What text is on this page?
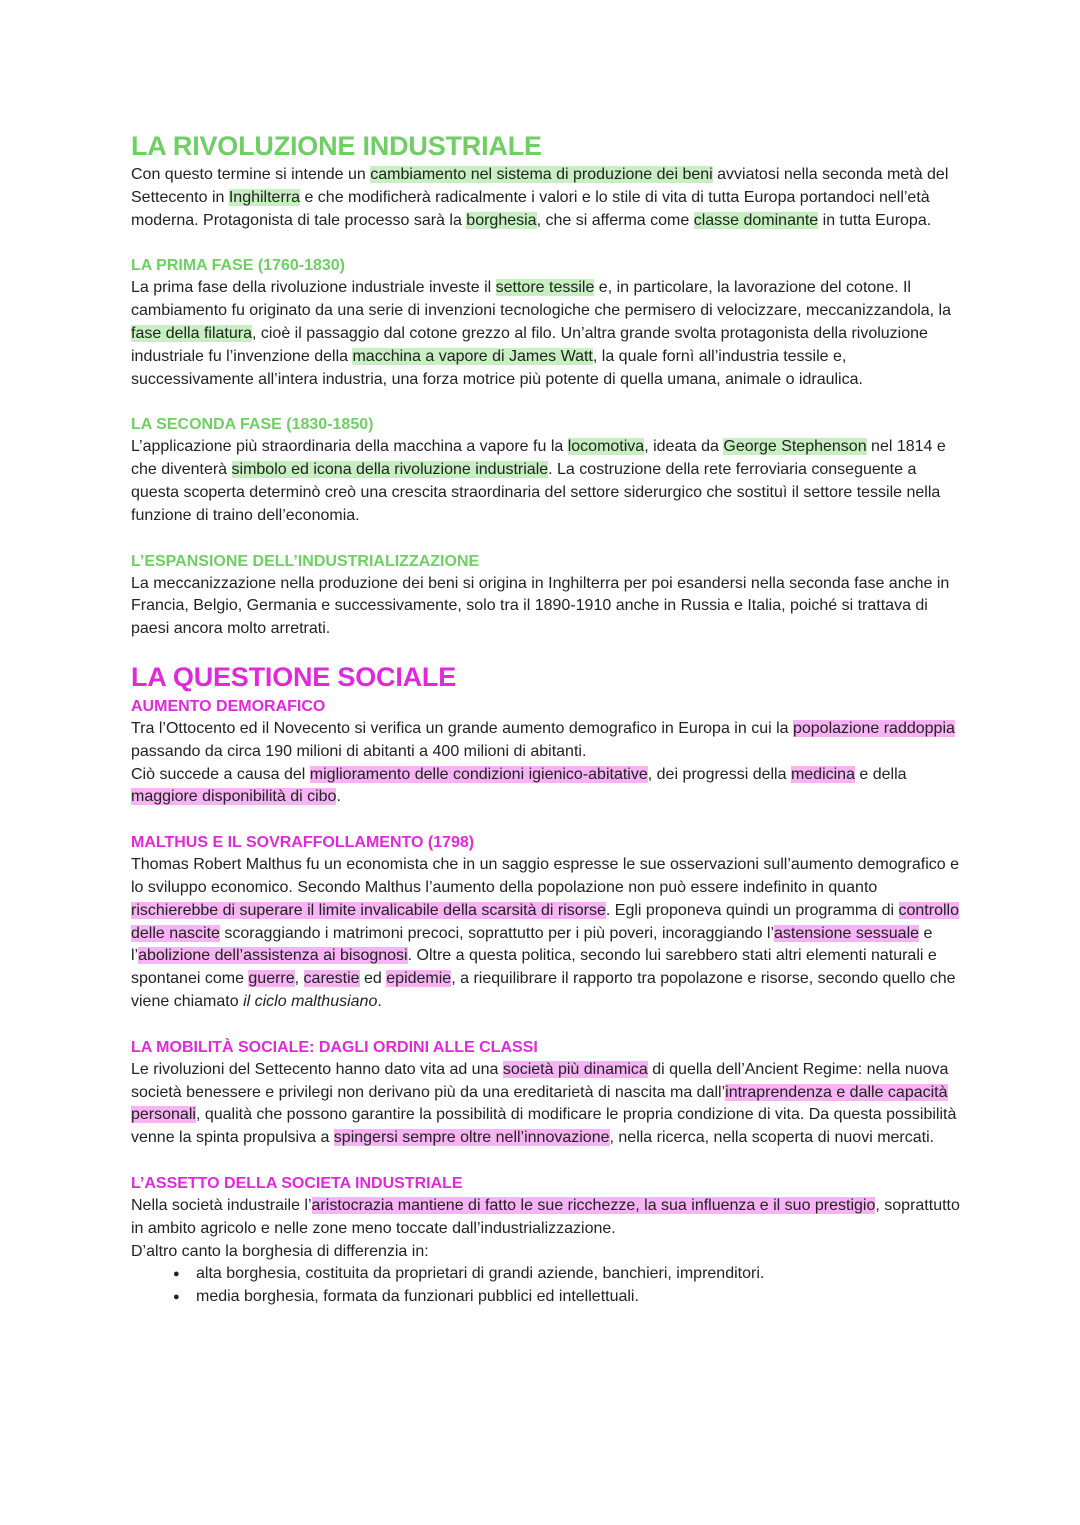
LA RIVOLUZIONE INDUSTRIALE

Con questo termine si intende un cambiamento nel sistema di produzione dei beni avviatosi nella seconda metà del Settecento in Inghilterra e che modificherà radicalmente i valori e lo stile di vita di tutta Europa portandoci nell’età moderna. Protagonista di tale processo sarà la borghesia, che si afferma come classe dominante in tutta Europa.

LA PRIMA FASE (1760-1830)

La prima fase della rivoluzione industriale investe il settore tessile e, in particolare, la lavorazione del cotone. Il cambiamento fu originato da una serie di invenzioni tecnologiche che permisero di velocizzare, meccanizzandola, la fase della filatura, cioè il passaggio dal cotone grezzo al filo. Un’altra grande svolta protagonista della rivoluzione industriale fu l’invenzione della macchina a vapore di James Watt, la quale fornì all’industria tessile e, successivamente all’intera industria, una forza motrice più potente di quella umana, animale o idraulica.

LA SECONDA FASE (1830-1850)

L’applicazione più straordinaria della macchina a vapore fu la locomotiva, ideata da George Stephenson nel 1814 e che diventerà simbolo ed icona della rivoluzione industriale. La costruzione della rete ferroviaria conseguente a questa scoperta determinò creò una crescita straordinaria del settore siderurgico che sostituì il settore tessile nella funzione di traino dell’economia.

L’ESPANSIONE DELL’INDUSTRIALIZZAZIONE

La meccanizzazione nella produzione dei beni si origina in Inghilterra per poi esandersi nella seconda fase anche in Francia, Belgio, Germania e successivamente, solo tra il 1890-1910 anche in Russia e Italia, poiché si trattava di paesi ancora molto arretrati.

LA QUESTIONE SOCIALE
AUMENTO DEMORAFICO

Tra l’Ottocento ed il Novecento si verifica un grande aumento demografico in Europa in cui la popolazione raddoppia passando da circa 190 milioni di abitanti a 400 milioni di abitanti.

Ciò succede a causa del miglioramento delle condizioni igienico-abitative, dei progressi della medicina e della maggiore disponibilità di cibo.

MALTHUS E IL SOVRAFFOLLAMENTO (1798)

Thomas Robert Malthus fu un economista che in un saggio espresse le sue osservazioni sull’aumento demografico e lo sviluppo economico. Secondo Malthus l’aumento della popolazione non può essere indefinito in quanto rischierebbe di superare il limite invalicabile della scarsità di risorse. Egli proponeva quindi un programma di controllo delle nascite scoraggiando i matrimoni precoci, soprattutto per i più poveri, incoraggiando l’astensione sessuale e l’abolizione dell’assistenza ai bisognosi. Oltre a questa politica, secondo lui sarebbero stati altri elementi naturali e spontanei come guerre, carestie ed epidemie, a riequilibrare il rapporto tra popolazone e risorse, secondo quello che viene chiamato il ciclo malthusiano.

LA MOBILITÀ SOCIALE: DAGLI ORDINI ALLE CLASSI

Le rivoluzioni del Settecento hanno dato vita ad una società più dinamica di quella dell’Ancient Regime: nella nuova società benessere e privilegi non derivano più da una ereditarietà di nascita ma dall’intraprendenza e dalle capacità personali, qualità che possono garantire la possibilità di modificare le propria condizione di vita. Da questa possibilità venne la spinta propulsiva a spingersi sempre oltre nell’innovazione, nella ricerca, nella scoperta di nuovi mercati.

L’ASSETTO DELLA SOCIETA INDUSTRIALE

Nella società industraile l’aristocrazia mantiene di fatto le sue ricchezze, la sua influenza e il suo prestigio, soprattutto in ambito agricolo e nelle zone meno toccate dall’industrializzazione.

D’altro canto la borghesia di differenzia in:

● alta borghesia, costituita da proprietari di grandi aziende, banchieri, imprenditori.
● media borghesia, formata da funzionari pubblici ed intellettuali.
